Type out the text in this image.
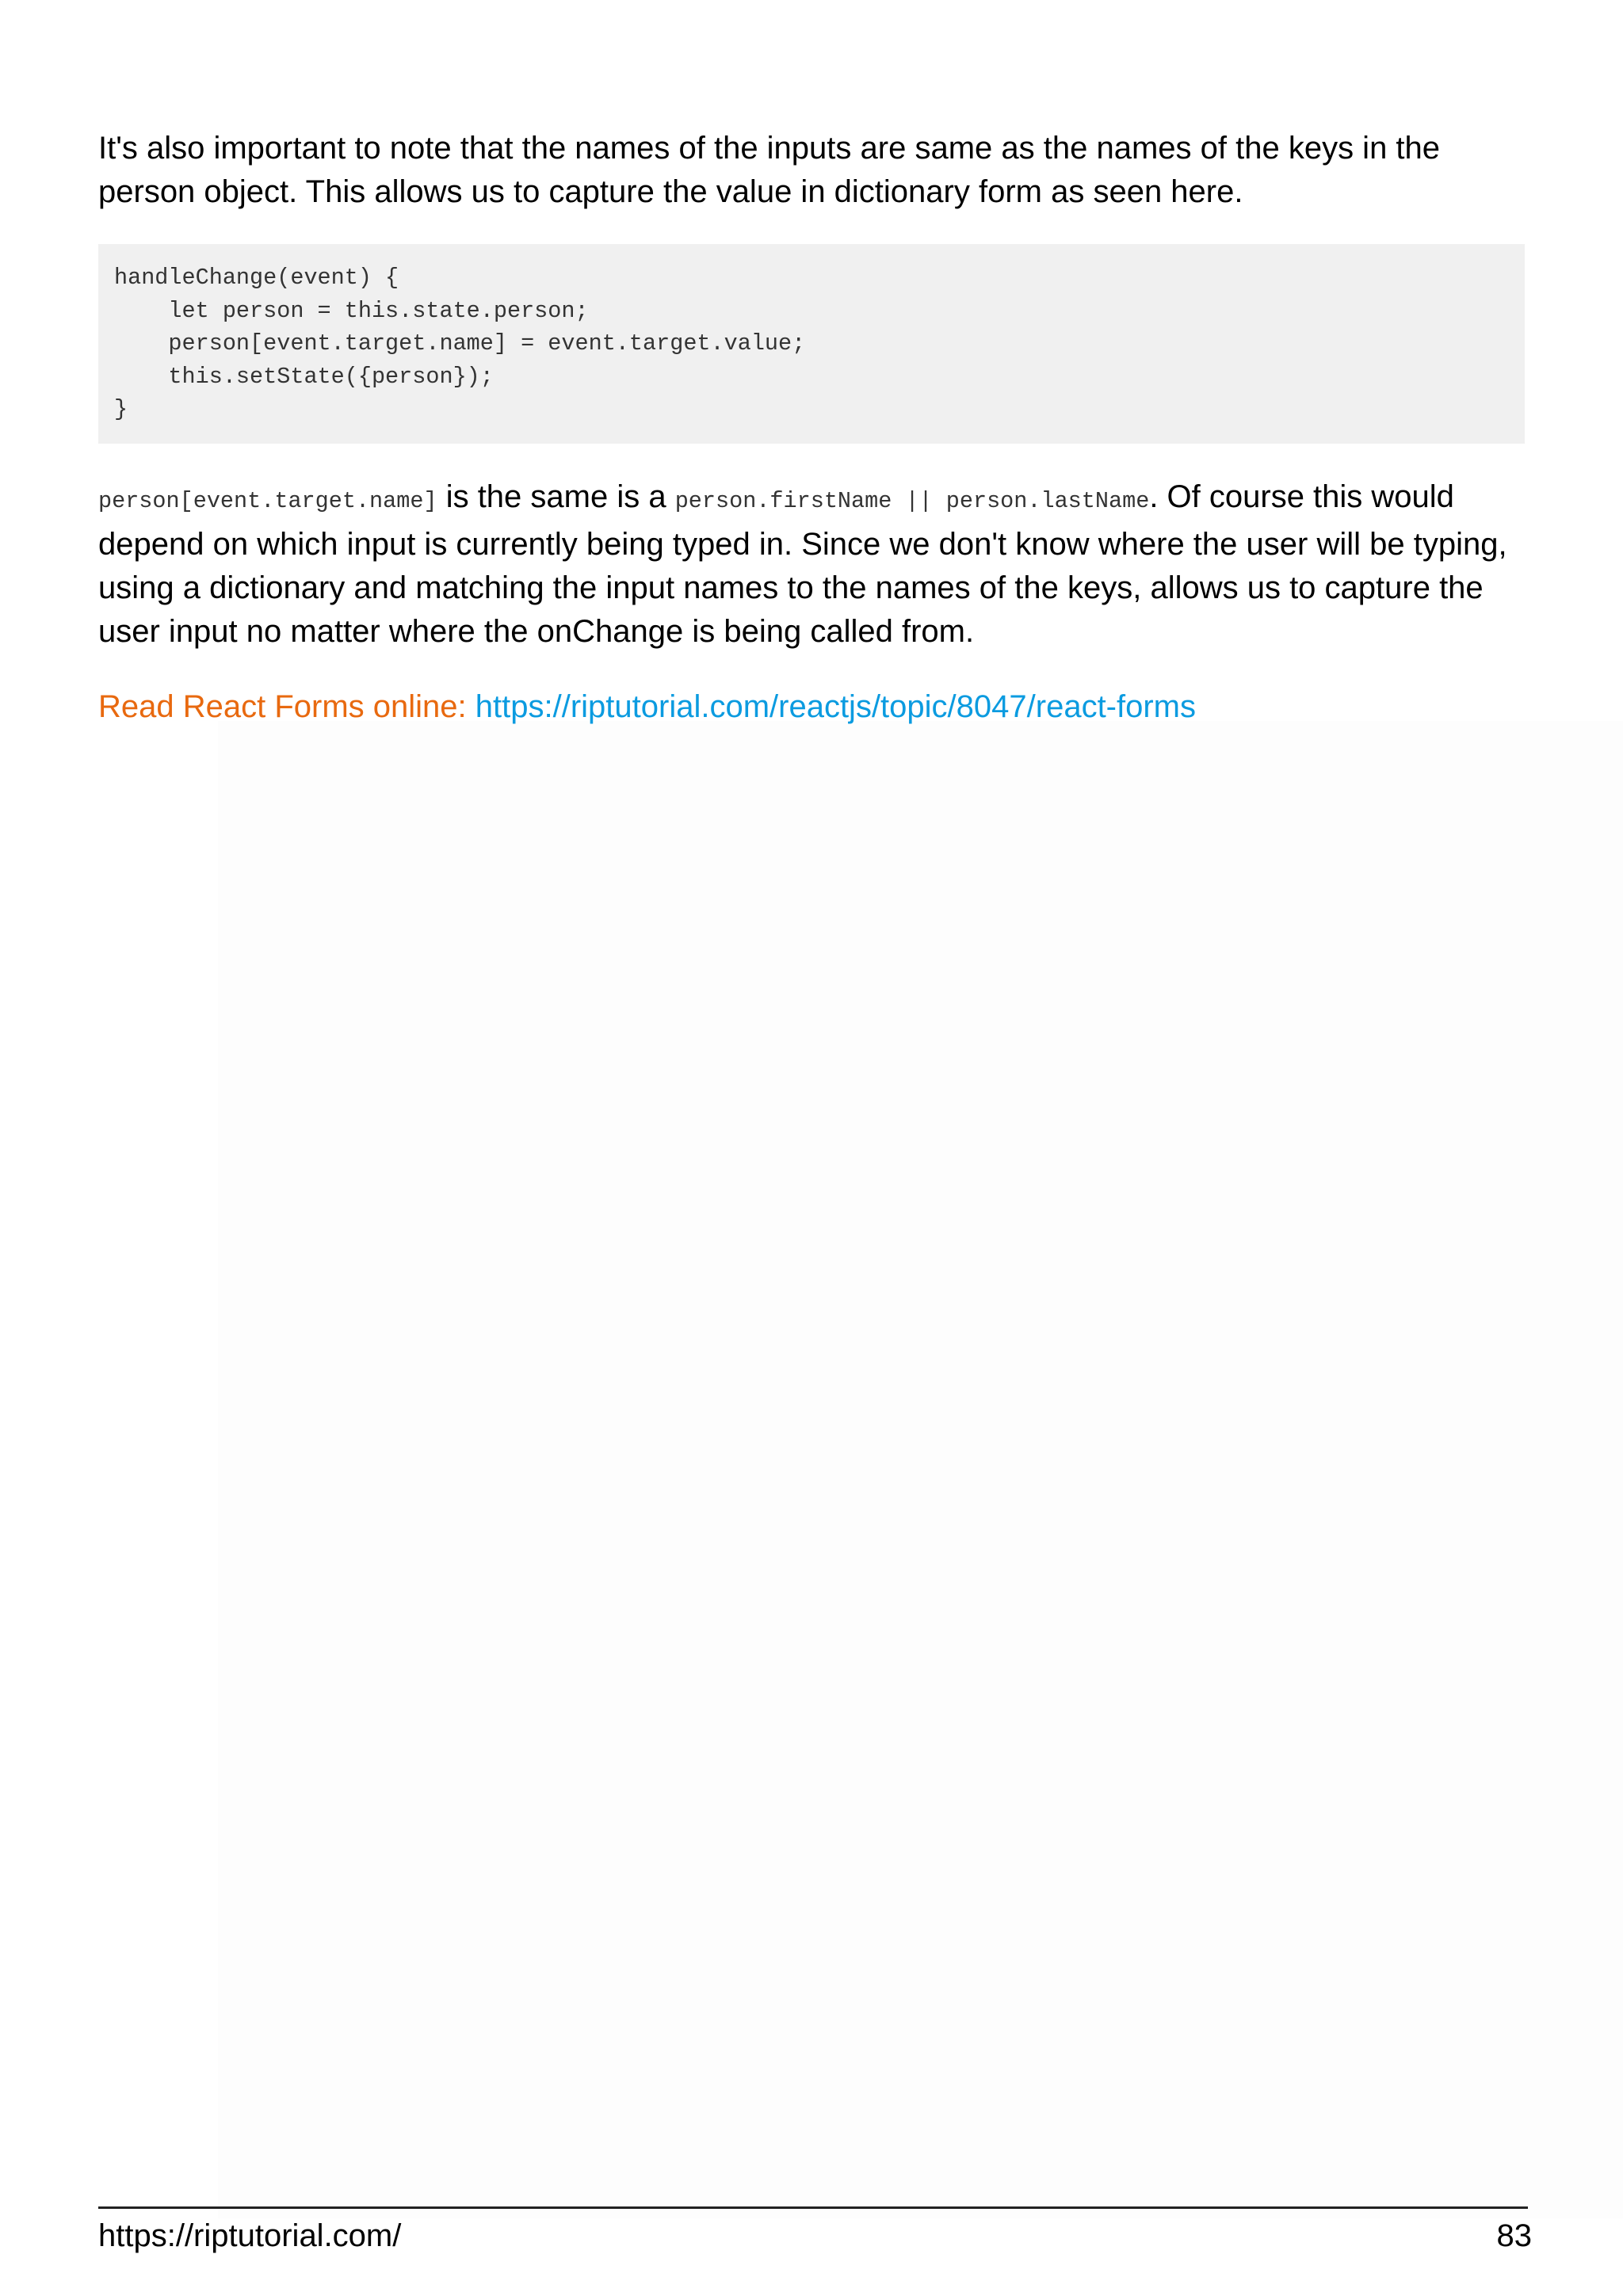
It's also important to note that the names of the inputs are same as the names of the keys in the person object. This allows us to capture the value in dictionary form as seen here.

handleChange(event) {
let person = this.state.person;
person[event.target.name] = event.target.value;
this.setState({person});
}

person[event.target.name] is the same is a person.firstName || person.lastName. Of course this would depend on which input is currently being typed in. Since we don't know where the user will be typing, using a dictionary and matching the input names to the names of the keys, allows us to capture the user input no matter where the onChange is being called from.

Read React Forms online: https://riptutorial.com/reactjs/topic/8047/react-forms

https://riptutorial.com/	83
